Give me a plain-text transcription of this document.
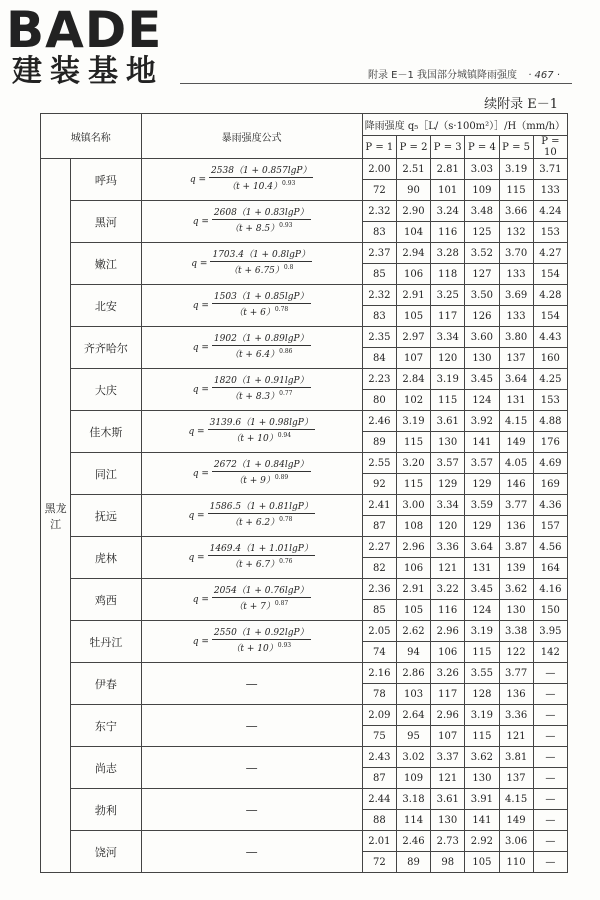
BADE
建装基地	附录 E－1 我国部分城镇降雨强度 · 467 ·
续附录 E－1
城镇名称		暴雨强度公式	降雨强度 q₅［L/（s·100m²）］/H（mm/h）					
			P = 1	P = 2	P = 3	P = 4	P = 5	P = 10
黑龙江	呼玛	$q = \frac{2538(1 + 0.857\lg P)}{(t + 10.4)^{0.93}}$	2.00	2.51	2.81	3.03	3.19	3.71
			72	90	101	109	115	133
	黑河	$q = \frac{2608(1 + 0.83\lg P)}{(t + 8.5)^{0.93}}$	2.32	2.90	3.24	3.48	3.66	4.24
			83	104	116	125	132	153
	嫩江	$q = \frac{1703.4(1 + 0.8\lg P)}{(t + 6.75)^{0.8}}$	2.37	2.94	3.28	3.52	3.70	4.27
			85	106	118	127	133	154
	北安	$q = \frac{1503(1 + 0.85\lg P)}{(t + 6)^{0.78}}$	2.32	2.91	3.25	3.50	3.69	4.28
			83	105	117	126	133	154
	齐齐哈尔	$q = \frac{1902(1 + 0.89\lg P)}{(t + 6.4)^{0.86}}$	2.35	2.97	3.34	3.60	3.80	4.43
			84	107	120	130	137	160
	大庆	$q = \frac{1820(1 + 0.91\lg P)}{(t + 8.3)^{0.77}}$	2.23	2.84	3.19	3.45	3.64	4.25
			80	102	115	124	131	153
	佳木斯	$q = \frac{3139.6(1 + 0.98\lg P)}{(t + 10)^{0.94}}$	2.46	3.19	3.61	3.92	4.15	4.88
			89	115	130	141	149	176
	同江	$q = \frac{2672(1 + 0.84\lg P)}{(t + 9)^{0.89}}$	2.55	3.20	3.57	3.57	4.05	4.69
			92	115	129	129	146	169
	抚远	$q = \frac{1586.5(1 + 0.81\lg P)}{(t + 6.2)^{0.78}}$	2.41	3.00	3.34	3.59	3.77	4.36
			87	108	120	129	136	157
	虎林	$q = \frac{1469.4(1 + 1.01\lg P)}{(t + 6.7)^{0.76}}$	2.27	2.96	3.36	3.64	3.87	4.56
			82	106	121	131	139	164
	鸡西	$q = \frac{2054(1 + 0.76\lg P)}{(t + 7)^{0.87}}$	2.36	2.91	3.22	3.45	3.62	4.16
			85	105	116	124	130	150
	牡丹江	$q = \frac{2550(1 + 0.92\lg P)}{(t + 10)^{0.93}}$	2.05	2.62	2.96	3.19	3.38	3.95
			74	94	106	115	122	142
	伊春	—	2.16	2.86	3.26	3.55	3.77	—
			78	103	117	128	136	—
	东宁	—	2.09	2.64	2.96	3.19	3.36	—
			75	95	107	115	121	—
	尚志	—	2.43	3.02	3.37	3.62	3.81	—
			87	109	121	130	137	—
	勃利	—	2.44	3.18	3.61	3.91	4.15	—
			88	114	130	141	149	—
	饶河	—	2.01	2.46	2.73	2.92	3.06	—
			72	89	98	105	110	—
